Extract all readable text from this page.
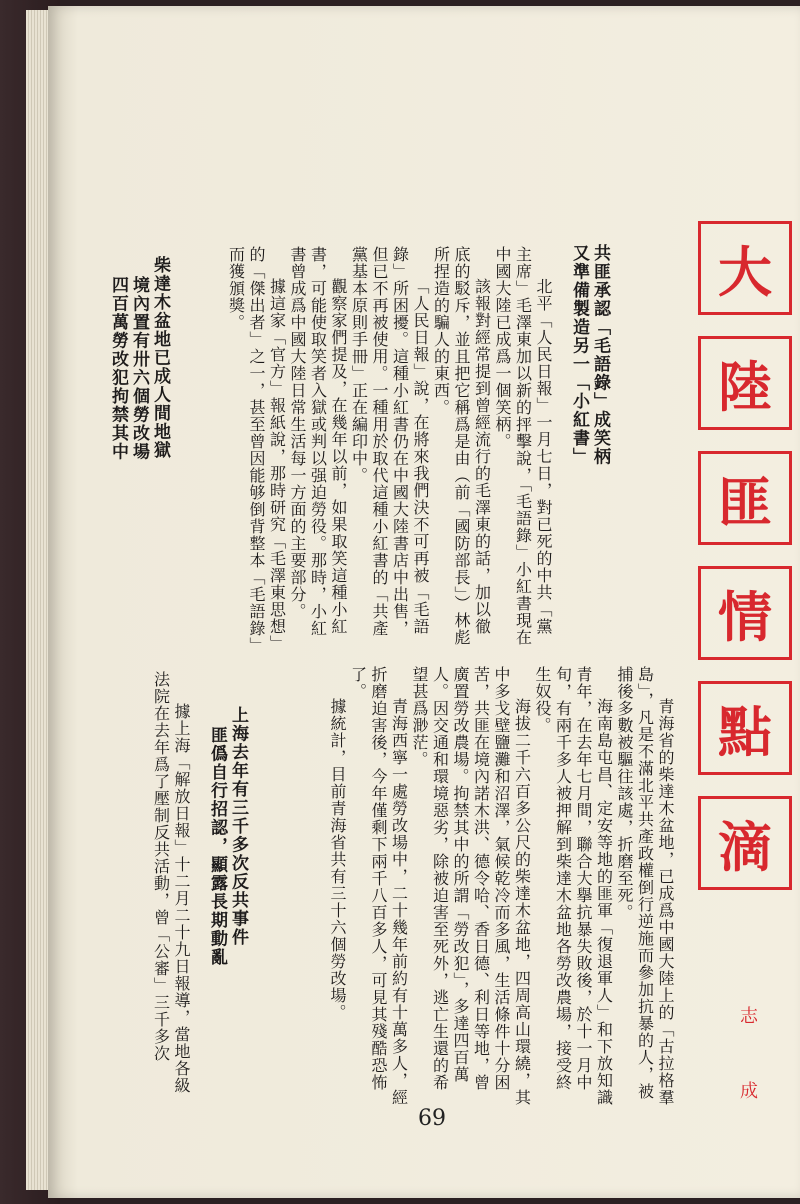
大
陸
匪
情
點
滴
志 成
共匪承認「毛語錄」成笑柄
又準備製造另一「小紅書」

北平「人民日報」一月七日，對已死的中共「黨主席」毛澤東加以新的抨擊說，「毛語錄」小紅書現在中國大陸已成爲一個笑柄。

該報對經常提到曾經流行的毛澤東的話，加以徹底的駁斥，並且把它稱爲是由（前「國防部長」）林彪所捏造的騙人的東西。

「人民日報」說，在將來我們決不可再被「毛語錄」所困擾。這種小紅書仍在中國大陸書店中出售，但已不再被使用。一種用於取代這種小紅書的「共產黨基本原則手冊」正在編印中。

觀察家們提及，在幾年以前，如果取笑這種小紅書，可能使取笑者入獄或判以强迫勞役。那時，小紅書曾成爲中國大陸日常生活每一方面的主要部分。

據這家「官方」報紙說，那時研究「毛澤東思想」的「傑出者」之一，甚至曾因能够倒背整本「毛語錄」而獲頒獎。

柴達木盆地已成人間地獄
境內置有卅六個勞改場
四百萬勞改犯拘禁其中

青海省的柴達木盆地，已成爲中國大陸上的「古拉格羣島」，凡是不滿北平共產政權倒行逆施而參加抗暴的人，被捕後多數被驅往該處，折磨至死。

海南島屯昌、定安等地的匪軍「復退軍人」和下放知識青年，在去年七月間，聯合大擧抗暴失敗後，於十一月中旬，有兩千多人被押解到柴達木盆地各勞改農場，接受終生奴役。

海拔二千六百多公尺的柴達木盆地，四周高山環繞，其中多戈壁鹽灘和沼澤，氣候乾冷而多風，生活條件十分困苦，共匪在境內諾木洪、德令哈、香日德、利日等地，曾廣置勞改農場。拘禁其中的所謂「勞改犯」，多達四百萬人。因交通和環境惡劣，除被迫害至死外，逃亡生還的希望甚爲渺茫。

青海西寧一處勞改場中，二十幾年前約有十萬多人，經折磨迫害後，今年僅剩下兩千八百多人，可見其殘酷恐怖了。

據統計，目前青海省共有三十六個勞改場。

上海去年有三千多次反共事件
匪僞自行招認，顯露長期動亂

據上海「解放日報」十二月二十九日報導，當地各級法院在去年爲了壓制反共活動，曾「公審」三千多次

69
